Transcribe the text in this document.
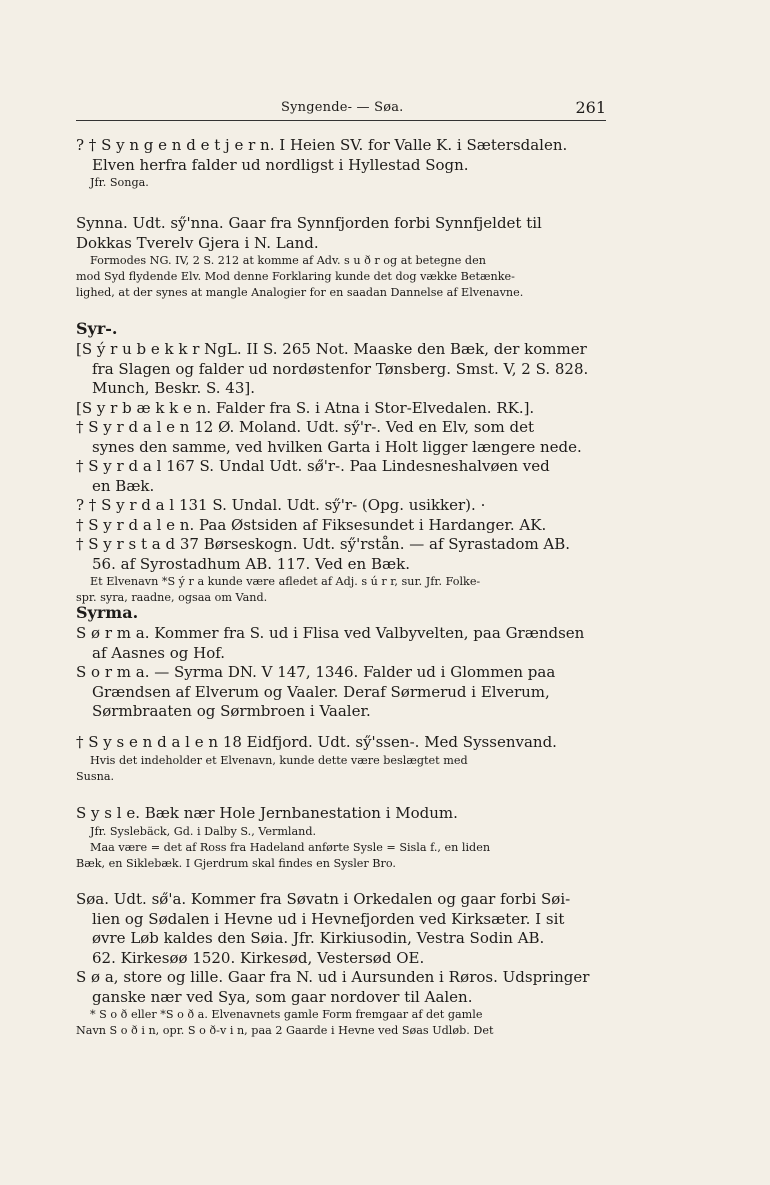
Syngende- — Søa.	261
? † S y n g e n d e t j e r n. I Heien SV. for Valle K. i Sætersdalen.
Elven herfra falder ud nordligst i Hyllestad Sogn.
Jfr. Songa.
Synna. Udt. sy̋'nna. Gaar fra Synnfjorden forbi Synnfjeldet til
Dokkas Tverelv Gjera i N. Land.
Formodes NG. IV, 2 S. 212 at komme af Adv. s u ð r og at betegne den
mod Syd flydende Elv. Mod denne Forklaring kunde det dog vække Betænke-
lighed, at der synes at mangle Analogier for en saadan Dannelse af Elvenavne.
Syr-.
[S ý r u b e k k r NgL. II S. 265 Not. Maaske den Bæk, der kommer
fra Slagen og falder ud nordøstenfor Tønsberg. Smst. V, 2 S. 828.
Munch, Beskr. S. 43].
[S y r b æ k k e n. Falder fra S. i Atna i Stor-Elvedalen. RK.].
† S y r d a l e n 12 Ø. Moland. Udt. sy̋'r-. Ved en Elv, som det
synes den samme, ved hvilken Garta i Holt ligger længere nede.
† S y r d a l 167 S. Undal Udt. sø̋'r-. Paa Lindesneshalvøen ved
en Bæk.
? † S y r d a l 131 S. Undal. Udt. sy̋'r- (Opg. usikker). ·
† S y r d a l e n. Paa Østsiden af Fiksesundet i Hardanger. AK.
† S y r s t a d 37 Børseskogn. Udt. sy̋'rstån. — af Syrastadom AB.
56. af Syrostadhum AB. 117. Ved en Bæk.
Et Elvenavn *S ý r a kunde være afledet af Adj. s ú r r, sur. Jfr. Folke-
spr. syra, raadne, ogsaa om Vand.
Syrma.
S ø r m a. Kommer fra S. ud i Flisa ved Valbyvelten, paa Grændsen
af Aasnes og Hof.
S o r m a. — Syrma DN. V 147, 1346. Falder ud i Glommen paa
Grændsen af Elverum og Vaaler. Deraf Sørmerud i Elverum,
Sørmbraaten og Sørmbroen i Vaaler.
† S y s e n d a l e n 18 Eidfjord. Udt. sy̋'ssen-. Med Syssenvand.
Hvis det indeholder et Elvenavn, kunde dette være beslægtet med
Susna.
S y s l e. Bæk nær Hole Jernbanestation i Modum.
Jfr. Syslebäck, Gd. i Dalby S., Vermland.
Maa være = det af Ross fra Hadeland anførte Sysle = Sisla f., en liden
Bæk, en Siklebæk. I Gjerdrum skal findes en Sysler Bro.
Søa. Udt. sø̋'a. Kommer fra Søvatn i Orkedalen og gaar forbi Søi-
lien og Sødalen i Hevne ud i Hevnefjorden ved Kirksæter. I sit
øvre Løb kaldes den Søia. Jfr. Kirkiusodin, Vestra Sodin AB.
62. Kirkesøø 1520. Kirkesød, Vestersød OE.
S ø a, store og lille. Gaar fra N. ud i Aursunden i Røros. Udspringer
ganske nær ved Sya, som gaar nordover til Aalen.
* S o ð eller *S o ð a. Elvenavnets gamle Form fremgaar af det gamle
Navn S o ð i n, opr. S o ð-v i n, paa 2 Gaarde i Hevne ved Søas Udløb. Det
